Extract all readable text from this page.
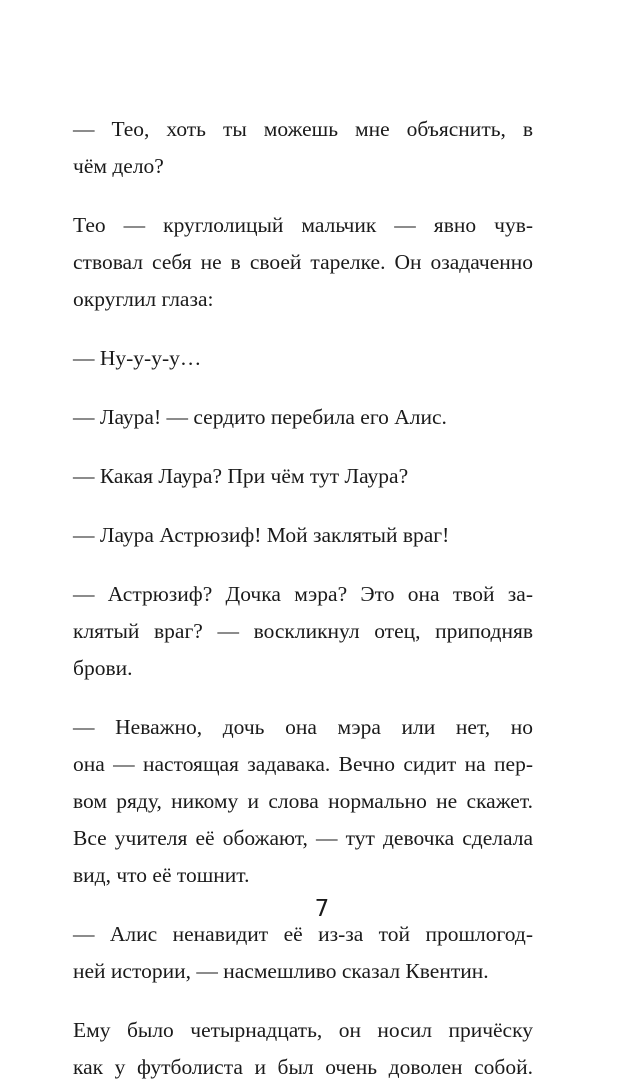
— Тео, хоть ты можешь мне объяснить, в
чём дело?
Тео — круглолицый мальчик — явно чув-
ствовал себя не в своей тарелке. Он озадаченно
округлил глаза:
— Ну-у-у-у…
— Лаура! — сердито перебила его Алис.
— Какая Лаура? При чём тут Лаура?
— Лаура Астрюзиф! Мой заклятый враг!
— Астрюзиф? Дочка мэра? Это она твой за-
клятый враг? — воскликнул отец, приподняв
брови.
— Неважно, дочь она мэра или нет, но
она — настоящая задавака. Вечно сидит на пер-
вом ряду, никому и слова нормально не скажет.
Все учителя её обожают, — тут девочка сделала
вид, что её тошнит.
— Алис ненавидит её из-за той прошлогод-
ней истории, — насмешливо сказал Квентин.
Ему было четырнадцать, он носил причёску
как у футболиста и был очень доволен собой.
7
